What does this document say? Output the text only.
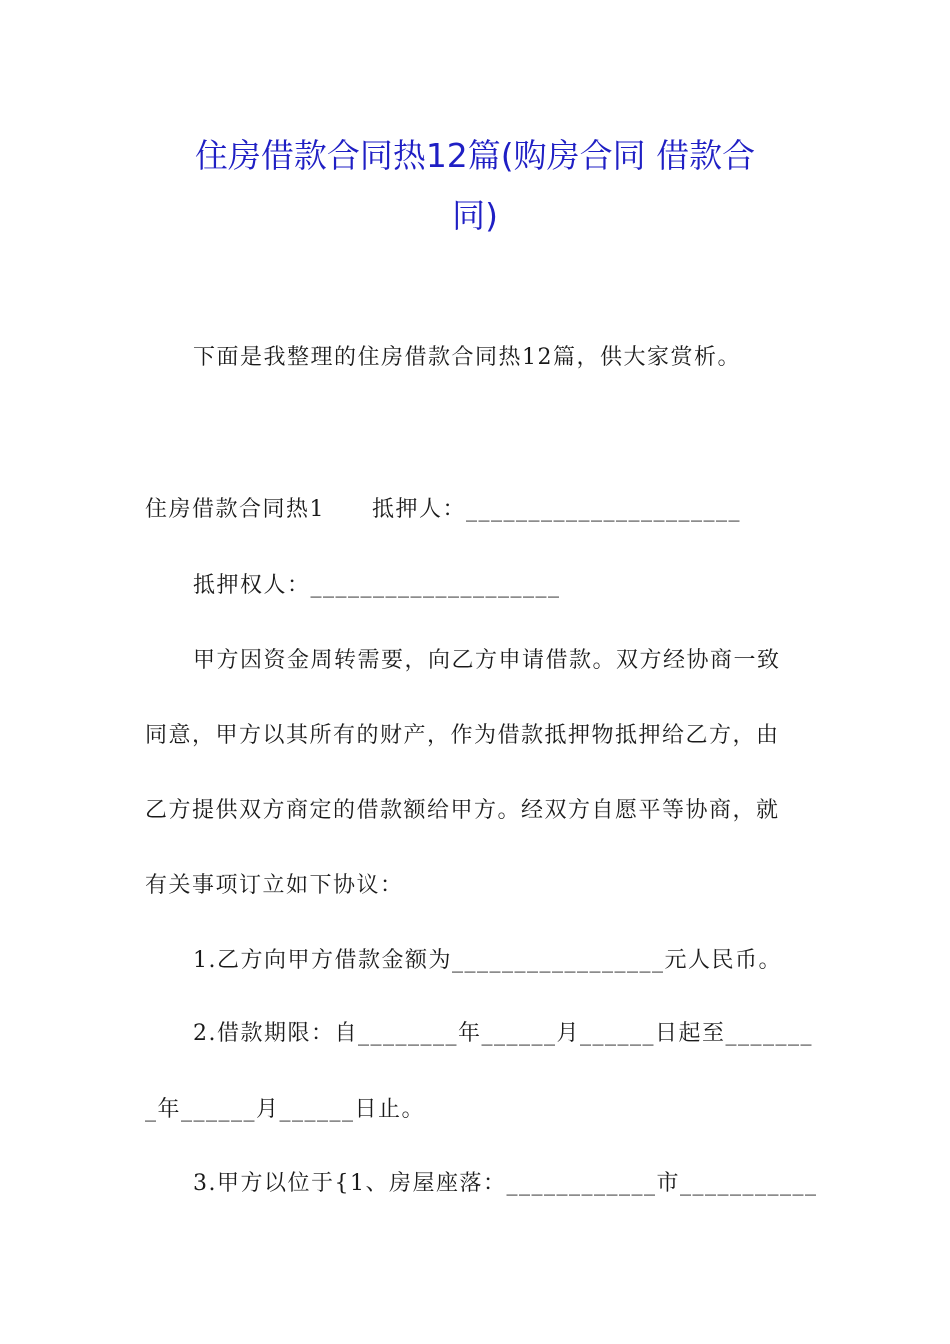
住房借款合同热12篇(购房合同 借款合
同)
下面是我整理的住房借款合同热12篇，供大家赏析。
住房借款合同热1　　抵押人：______________________
抵押权人：____________________
甲方因资金周转需要，向乙方申请借款。双方经协商一致
同意，甲方以其所有的财产，作为借款抵押物抵押给乙方，由
乙方提供双方商定的借款额给甲方。经双方自愿平等协商，就
有关事项订立如下协议：
1.乙方向甲方借款金额为_________________元人民币。
2.借款期限：自________年______月______日起至_______
_年______月______日止。
3.甲方以位于{1、房屋座落：____________市___________
